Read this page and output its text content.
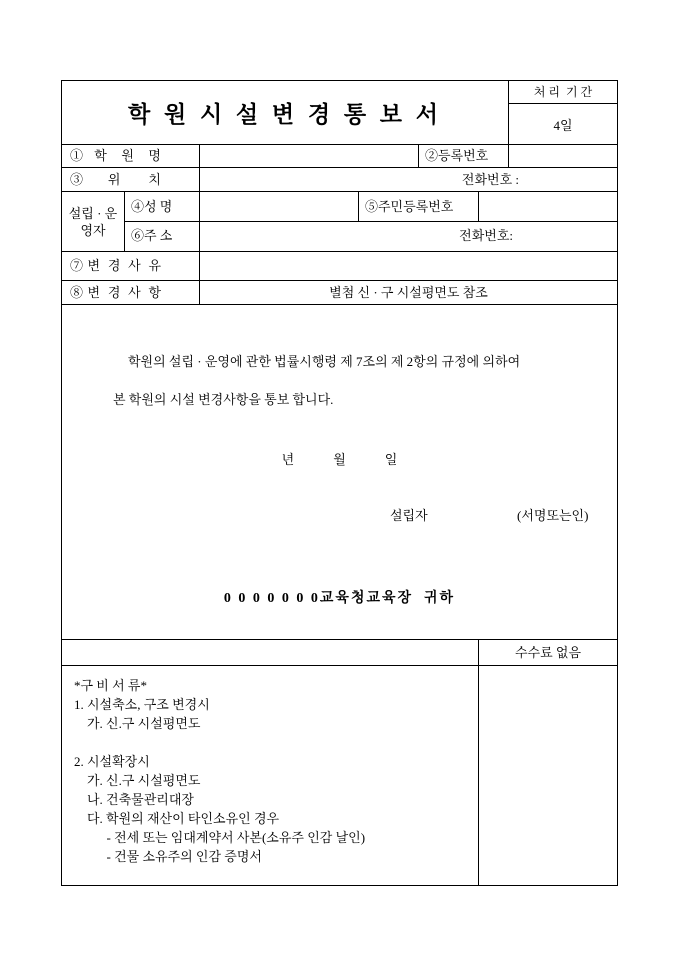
학 원 시 설 변 경 통 보 서
처 리  기 간
4일
①학 원 명	②등록번호
③위 치	전화번호 :
설립 · 운영자
④성 명	⑤주민등록번호
⑥주 소	전화번호:
⑦변 경 사 유
⑧변 경 사 항	별첨 신 · 구 시설평면도 참조
학원의 설립 · 운영에 관한 법률시행령 제 7조의 제 2항의 규정에 의하여
본 학원의 시설 변경사항을 통보 합니다.
년            월            일
설립자	(서명또는인)
0 0 0 0 0 0 0교육청교육장  귀하
수수료 없음
*구 비 서 류*
1. 시설축소, 구조 변경시
가. 신.구 시설평면도
2. 시설확장시
가. 신.구 시설평면도
나. 건축물관리대장
다. 학원의 재산이 타인소유인 경우
- 전세 또는 임대계약서 사본(소유주 인감 날인)
- 건물 소유주의 인감 증명서
